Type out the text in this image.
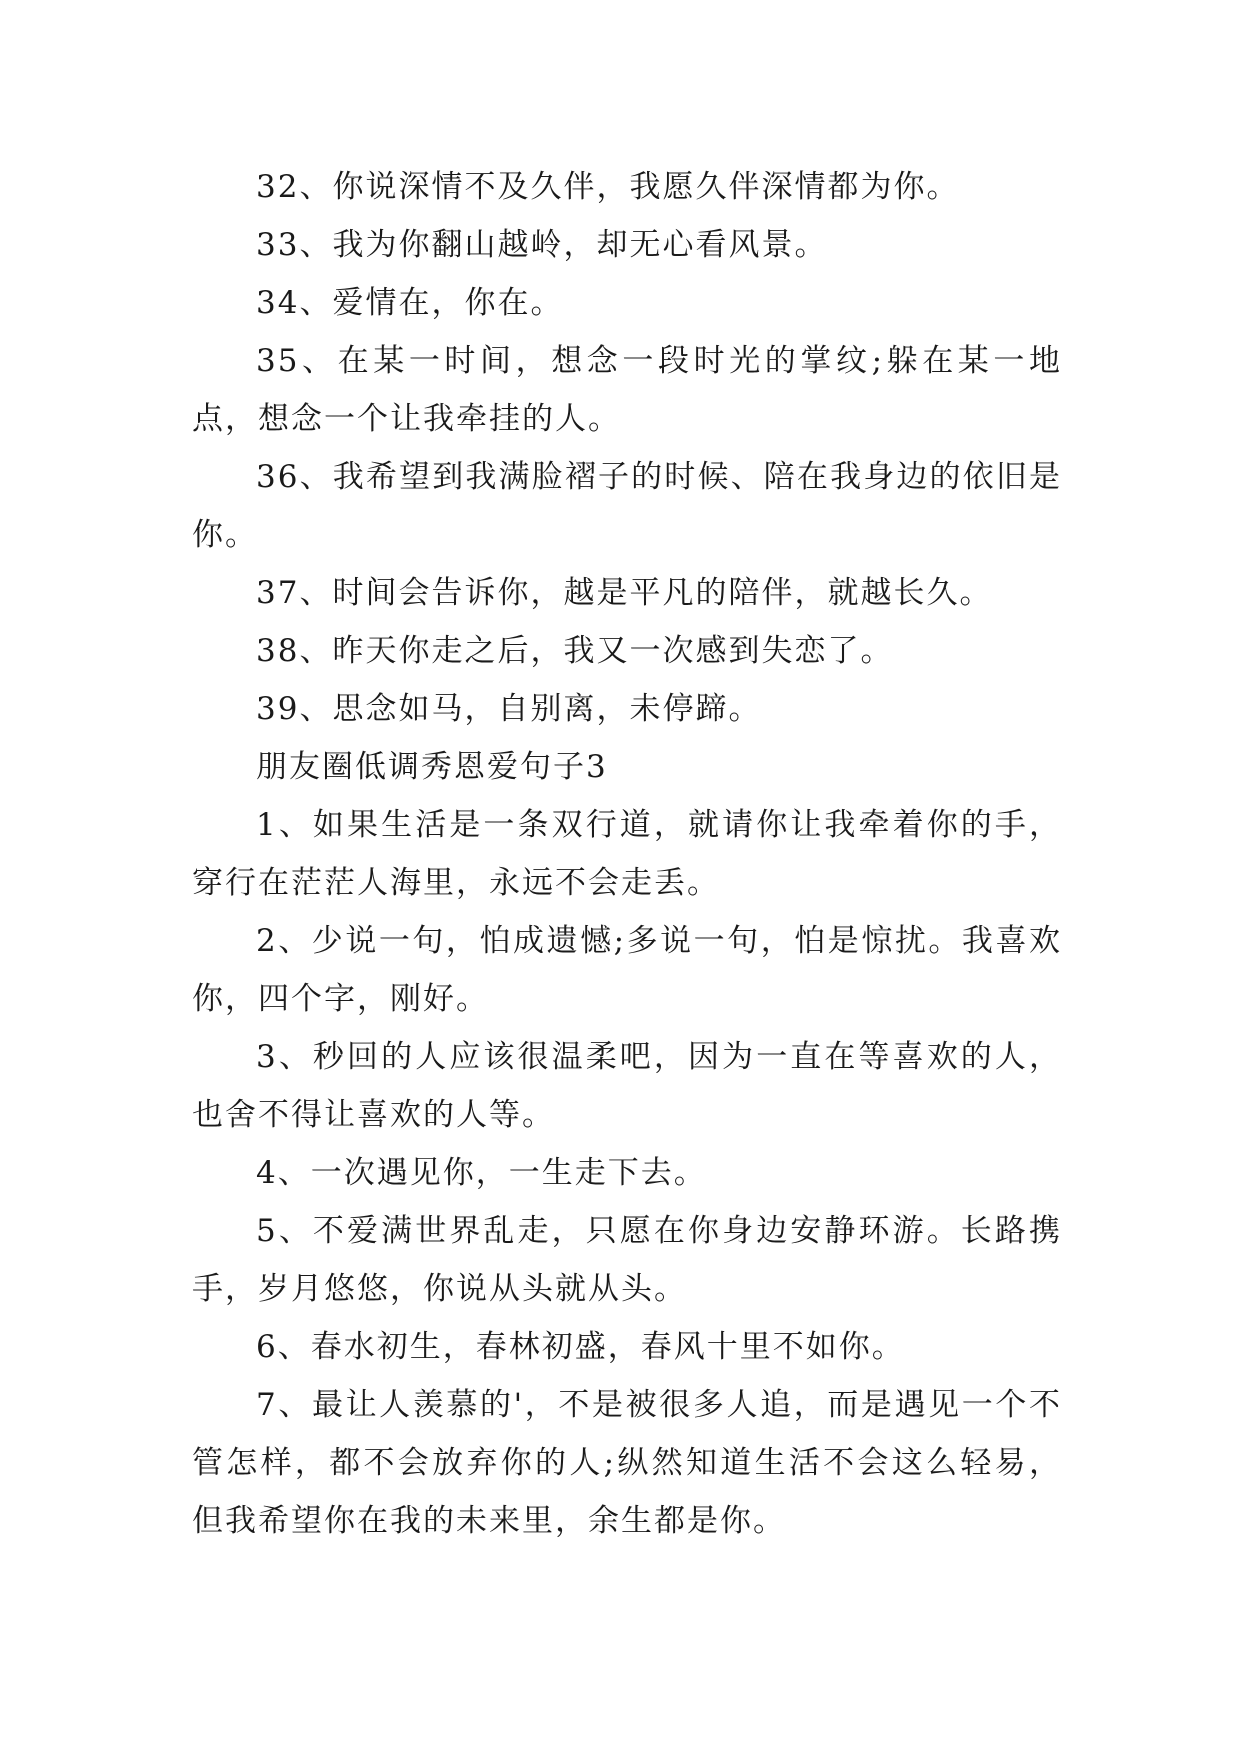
32、你说深情不及久伴，我愿久伴深情都为你。

33、我为你翻山越岭，却无心看风景。

34、爱情在，你在。

35、在某一时间，想念一段时光的掌纹;躲在某一地点，想念一个让我牵挂的人。

36、我希望到我满脸褶子的时候、陪在我身边的依旧是你。

37、时间会告诉你，越是平凡的陪伴，就越长久。

38、昨天你走之后，我又一次感到失恋了。

39、思念如马，自别离，未停蹄。

朋友圈低调秀恩爱句子3

1、如果生活是一条双行道，就请你让我牵着你的手，穿行在茫茫人海里，永远不会走丢。

2、少说一句，怕成遗憾;多说一句，怕是惊扰。我喜欢你，四个字，刚好。

3、秒回的人应该很温柔吧，因为一直在等喜欢的人，也舍不得让喜欢的人等。

4、一次遇见你，一生走下去。

5、不爱满世界乱走，只愿在你身边安静环游。长路携手，岁月悠悠，你说从头就从头。

6、春水初生，春林初盛，春风十里不如你。

7、最让人羡慕的'，不是被很多人追，而是遇见一个不管怎样，都不会放弃你的人;纵然知道生活不会这么轻易，但我希望你在我的未来里，余生都是你。
